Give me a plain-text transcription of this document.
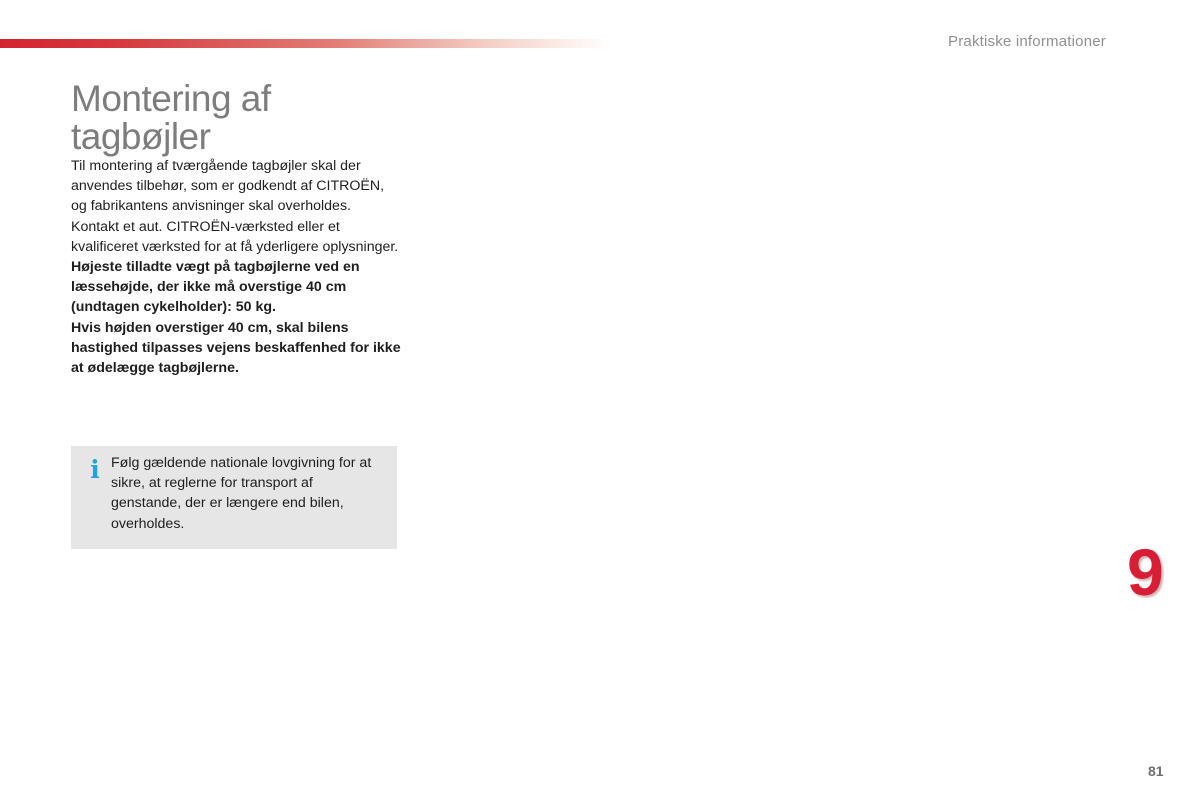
Praktiske informationer
Montering af tagbøjler

Til montering af tværgående tagbøjler skal der anvendes tilbehør, som er godkendt af CITROËN, og fabrikantens anvisninger skal overholdes.

Kontakt et aut. CITROËN-værksted eller et kvalificeret værksted for at få yderligere oplysninger.

Højeste tilladte vægt på tagbøjlerne ved en læssehøjde, der ikke må overstige 40 cm (undtagen cykelholder): 50 kg.

Hvis højden overstiger 40 cm, skal bilens hastighed tilpasses vejens beskaffenhed for ikke at ødelægge tagbøjlerne.

i Følg gældende nationale lovgivning for at sikre, at reglerne for transport af genstande, der er længere end bilen, overholdes.
9
81
